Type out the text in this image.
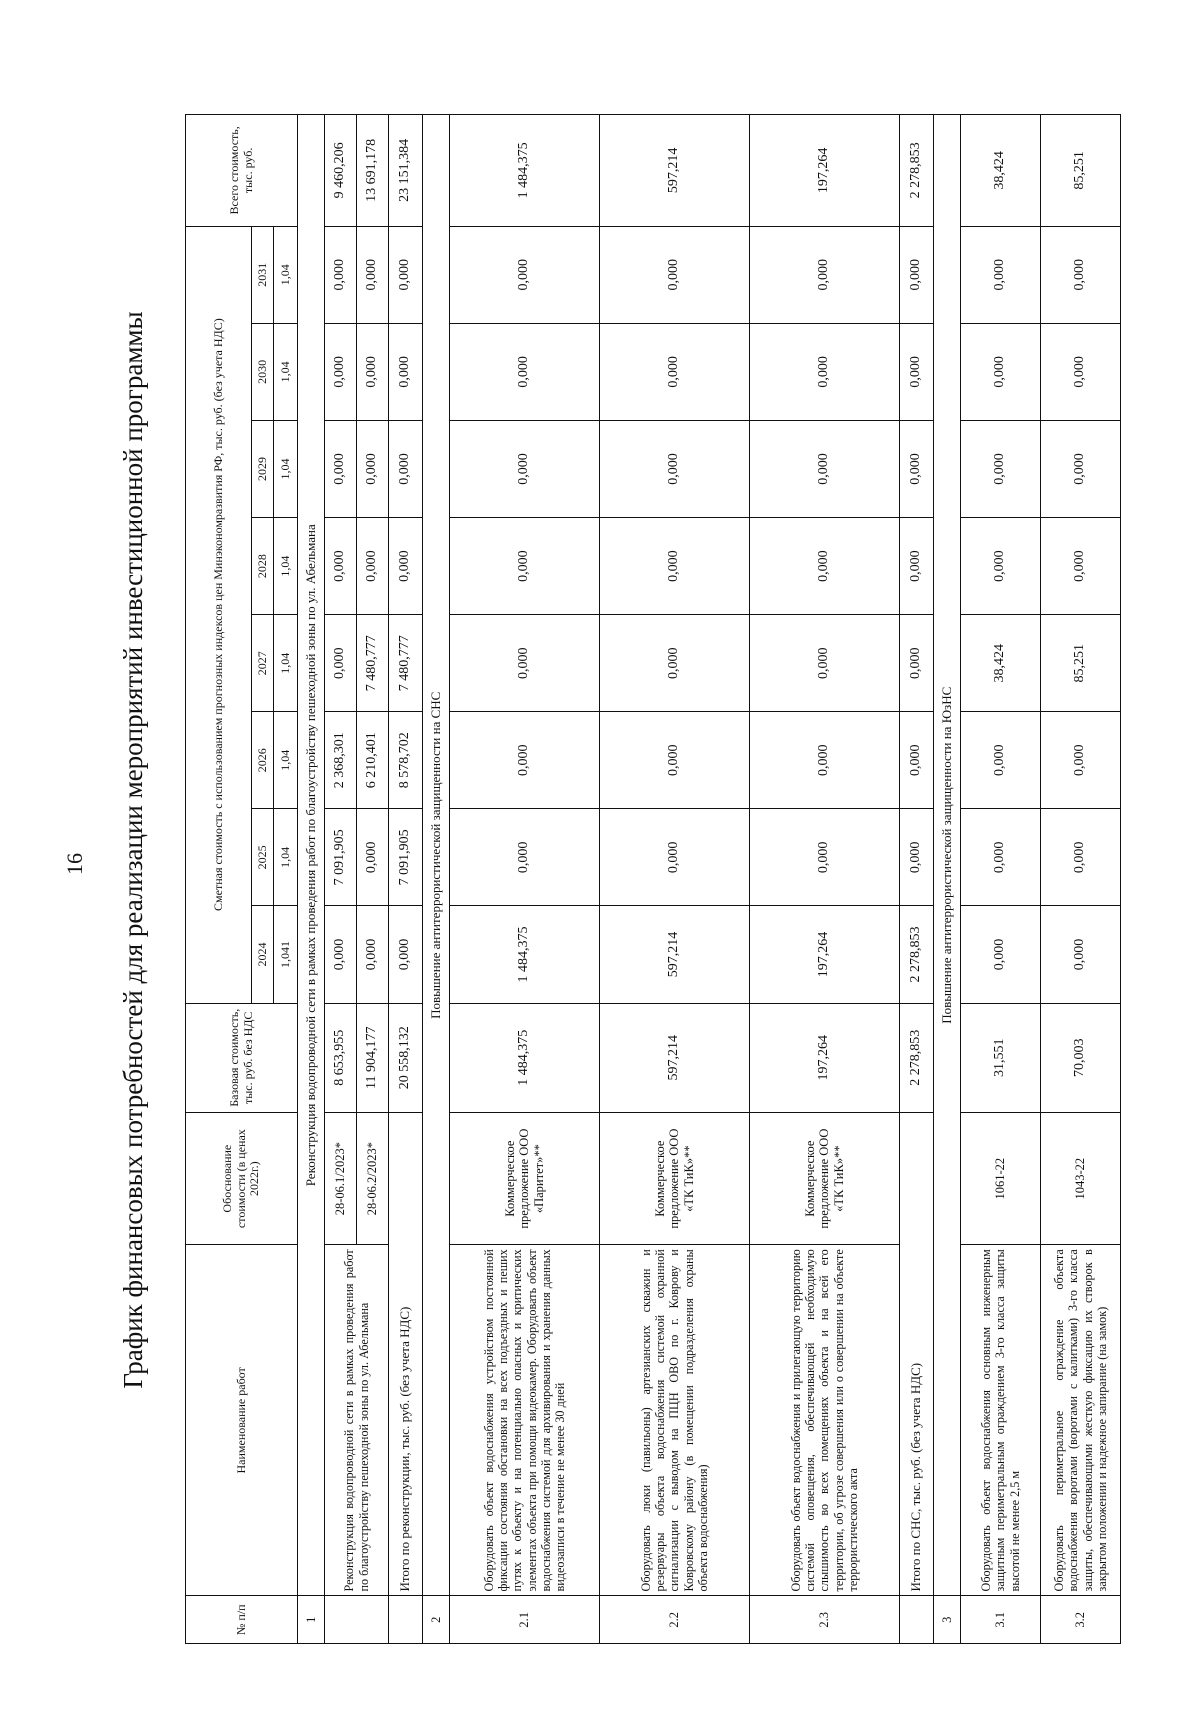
16 График финансовых потребностей для реализации мероприятий инвестиционной программы
№ п/п	Наименование работ	Обоснование стоимости (в ценах 2022г.)	Базовая стоимость, тыс. руб. без НДС	Сметная стоимость с использованием прогнозных индексов цен Минэкономразвития РФ, тыс. руб. (без учета НДС)								Всего стоимость, тыс. руб.
				2024	2025	2026	2027	2028	2029	2030	2031	
				1,041	1,04	1,04	1,04	1,04	1,04	1,04	1,04	
1	Реконструкция водопроводной сети в рамках проведения работ по благоустройству пешеходной зоны по ул. Абельмана											
	Реконструкция водопроводной сети в рамках проведения работ по благоустройству пешеходной зоны по ул. Абельмана	28-06.1/2023*	8 653,955	0,000	7 091,905	2 368,301	0,000	0,000	0,000	0,000	0,000	9 460,206
		28-06.2/2023*	11 904,177	0,000	0,000	6 210,401	7 480,777	0,000	0,000	0,000	0,000	13 691,178
	Итого по реконструкции, тыс. руб. (без учета НДС)		20 558,132	0,000	7 091,905	8 578,702	7 480,777	0,000	0,000	0,000	0,000	23 151,384
2	Повышение антитеррористической защищенности на СНС											
2.1	Оборудовать объект водоснабжения устройством постоянной фиксации состояния обстановки на всех подъездных и пеших путях к объекту и на потенциально опасных и критических элементах объекта при помощи видеокамер. Оборудовать объект водоснабжения системой для архивирования и хранения данных видеозаписи в течение не менее 30 дней	Коммерческое предложение ООО «Паритет»**	1 484,375	1 484,375	0,000	0,000	0,000	0,000	0,000	0,000	0,000	1 484,375
2.2	Оборудовать люки (павильоны) артезианских скважин и резервуары объекта водоснабжения системой охранной сигнализации с выводом на ПЦН ОВО по г. Коврову и Ковровскому району (в помещении подразделения охраны объекта водоснабжения)	Коммерческое предложение ООО «ТК ТиК»**	597,214	597,214	0,000	0,000	0,000	0,000	0,000	0,000	0,000	597,214
2.3	Оборудовать объект водоснабжения и прилегающую территорию системой оповещения, обеспечивающей необходимую слышимость во всех помещениях объекта и на всей его территории, об угрозе совершения или о совершении на объекте террористического акта	Коммерческое предложение ООО «ТК ТиК»**	197,264	197,264	0,000	0,000	0,000	0,000	0,000	0,000	0,000	197,264
	Итого по СНС, тыс. руб. (без учета НДС)		2 278,853	2 278,853	0,000	0,000	0,000	0,000	0,000	0,000	0,000	2 278,853
3	Повышение антитеррористической защищенности на ЮзНС											
3.1	Оборудовать объект водоснабжения основным инженерным защитным периметральным ограждением 3-го класса защиты высотой не менее 2,5 м	1061-22	31,551	0,000	0,000	0,000	38,424	0,000	0,000	0,000	0,000	38,424
3.2	Оборудовать периметральное ограждение объекта водоснабжения воротами (воротами с калитками) 3-го класса защиты, обеспечивающими жесткую фиксацию их створок в закрытом положении и надежное запирание (на замок)	1043-22	70,003	0,000	0,000	0,000	85,251	0,000	0,000	0,000	0,000	85,251
